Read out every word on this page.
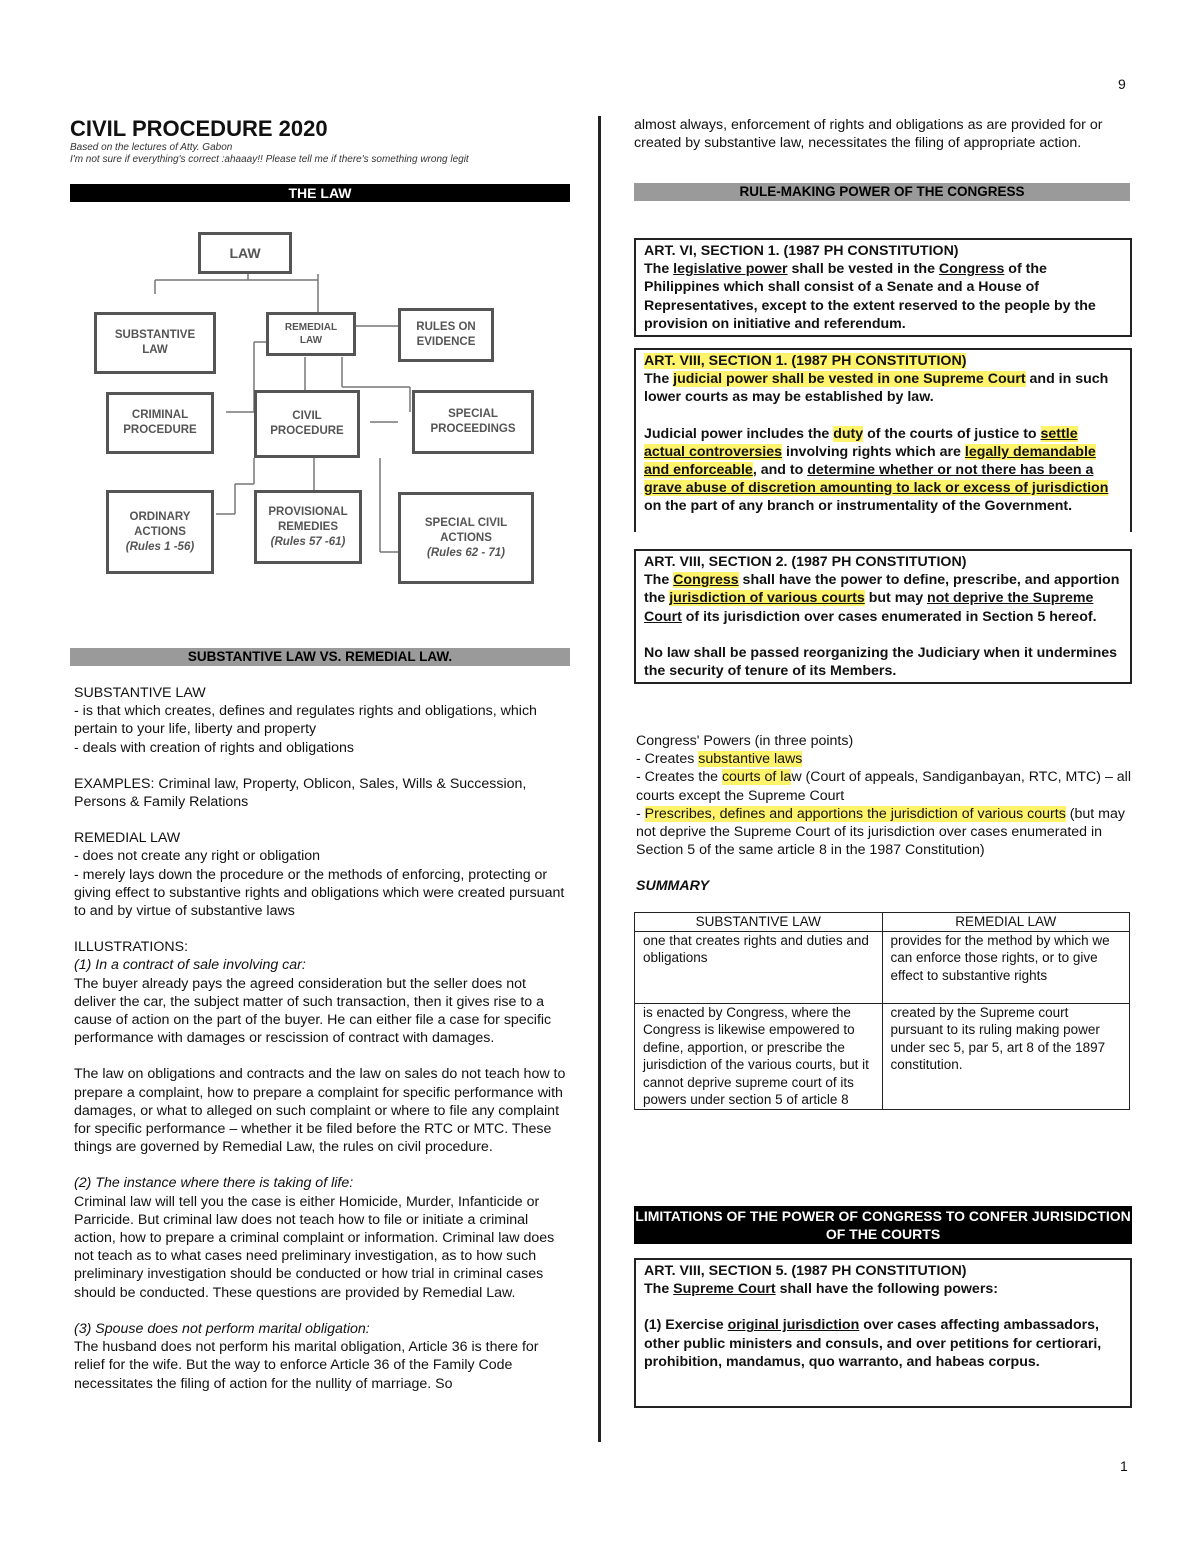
9
1

CIVIL PROCEDURE 2020

Based on the lectures of Atty. Gabon
I'm not sure if everything's correct :ahaaay!! Please tell me if there's something wrong legit
THE LAW
LAW
SUBSTANTIVE
LAW
REMEDIAL
LAW
RULES ON
EVIDENCE
CRIMINAL
PROCEDURE
CIVIL
PROCEDURE
SPECIAL
PROCEEDINGS
ORDINARY
ACTIONS
(Rules 1 -56)
PROVISIONAL
REMEDIES
(Rules 57 -61)
SPECIAL CIVIL
ACTIONS
(Rules 62 - 71)
SUBSTANTIVE LAW VS. REMEDIAL LAW.

SUBSTANTIVE LAW

- is that which creates, defines and regulates rights and obligations, which pertain to your life, liberty and property

- deals with creation of rights and obligations

EXAMPLES: Criminal law, Property, Oblicon, Sales, Wills & Succession, Persons & Family Relations

REMEDIAL LAW

- does not create any right or obligation

- merely lays down the procedure or the methods of enforcing, protecting or giving effect to substantive rights and obligations which were created pursuant to and by virtue of substantive laws

ILLUSTRATIONS:

(1) In a contract of sale involving car:

The buyer already pays the agreed consideration but the seller does not deliver the car, the subject matter of such transaction, then it gives rise to a cause of action on the part of the buyer. He can either file a case for specific performance with damages or rescission of contract with damages.

The law on obligations and contracts and the law on sales do not teach how to prepare a complaint, how to prepare a complaint for specific performance with damages, or what to alleged on such complaint or where to file any complaint for specific performance – whether it be filed before the RTC or MTC. These things are governed by Remedial Law, the rules on civil procedure.

(2) The instance where there is taking of life:

Criminal law will tell you the case is either Homicide, Murder, Infanticide or Parricide. But criminal law does not teach how to file or initiate a criminal action, how to prepare a criminal complaint or information. Criminal law does not teach as to what cases need preliminary investigation, as to how such preliminary investigation should be conducted or how trial in criminal cases should be conducted. These questions are provided by Remedial Law.

(3) Spouse does not perform marital obligation:

The husband does not perform his marital obligation, Article 36 is there for relief for the wife. But the way to enforce Article 36 of the Family Code necessitates the filing of action for the nullity of marriage. So

almost always, enforcement of rights and obligations as are provided for or created by substantive law, necessitates the filing of appropriate action.

RULE-MAKING POWER OF THE CONGRESS

ART. VI, SECTION 1. (1987 PH CONSTITUTION)

The legislative power shall be vested in the Congress of the Philippines which shall consist of a Senate and a House of Representatives, except to the extent reserved to the people by the provision on initiative and referendum.

ART. VIII, SECTION 1. (1987 PH CONSTITUTION)

The judicial power shall be vested in one Supreme Court and in such lower courts as may be established by law.

Judicial power includes the duty of the courts of justice to settle actual controversies involving rights which are legally demandable and enforceable, and to determine whether or not there has been a grave abuse of discretion amounting to lack or excess of jurisdiction on the part of any branch or instrumentality of the Government.

ART. VIII, SECTION 2. (1987 PH CONSTITUTION)

The Congress shall have the power to define, prescribe, and apportion the jurisdiction of various courts but may not deprive the Supreme Court of its jurisdiction over cases enumerated in Section 5 hereof.

No law shall be passed reorganizing the Judiciary when it undermines the security of tenure of its Members.

Congress' Powers (in three points)

- Creates substantive laws

- Creates the courts of law (Court of appeals, Sandiganbayan, RTC, MTC) – all courts except the Supreme Court

- Prescribes, defines and apportions the jurisdiction of various courts (but may not deprive the Supreme Court of its jurisdiction over cases enumerated in Section 5 of the same article 8 in the 1987 Constitution)

SUMMARY

SUBSTANTIVE LAW	REMEDIAL LAW
one that creates rights and duties and obligations	provides for the method by which we can enforce those rights, or to give effect to substantive rights
is enacted by Congress, where the Congress is likewise empowered to define, apportion, or prescribe the jurisdiction of the various courts, but it cannot deprive supreme court of its powers under section 5 of article 8	created by the Supreme court pursuant to its ruling making power under sec 5, par 5, art 8 of the 1897 constitution.
LIMITATIONS OF THE POWER OF CONGRESS TO CONFER JURISIDCTION OF THE COURTS

ART. VIII, SECTION 5. (1987 PH CONSTITUTION)

The Supreme Court shall have the following powers:

(1) Exercise original jurisdiction over cases affecting ambassadors, other public ministers and consuls, and over petitions for certiorari, prohibition, mandamus, quo warranto, and habeas corpus.
